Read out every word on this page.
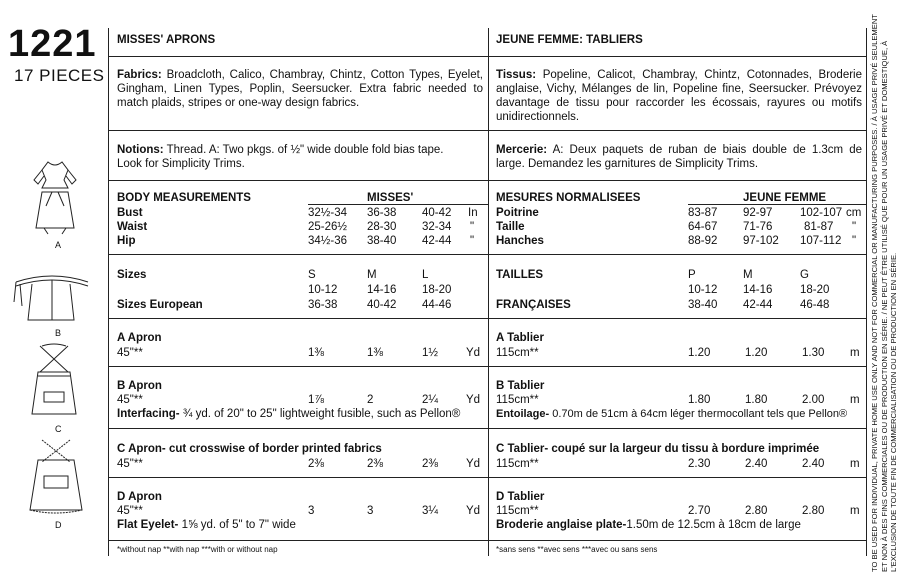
1221
17 PIECES
A
B
C
D
MISSES' APRONS
Fabrics: Broadcloth, Calico, Chambray, Chintz, Cotton Types, Eyelet, Gingham, Linen Types, Poplin, Seersucker. Extra fabric needed to match plaids, stripes or one-way design fabrics.
Notions: Thread. A: Two pkgs. of ½" wide double fold bias tape. Look for Simplicity Trims.
BODY MEASUREMENTS	MISSES'
Bust	32½-34 36-38 40-42 In
Waist	25-26½ 28-30 32-34 "
Hip	34½-36 38-40 42-44 "
Sizes	S	M	L
10-12	14-16 18-20
Sizes European	36-38	40-42 44-46
A Apron
45"**	1⅜	1⅜	1½ Yd
B Apron
45"**	1⅞	2	2¼ Yd
Interfacing- ¾ yd. of 20" to 25" lightweight fusible, such as Pellon®
C Apron- cut crosswise of border printed fabrics
45"**	2⅜	2⅜	2⅜ Yd
D Apron
45"**	3	3	3¼ Yd
Flat Eyelet- 1⅝ yd. of 5" to 7" wide
*without nap **with nap ***with or without nap
JEUNE FEMME: TABLIERS
Tissus: Popeline, Calicot, Chambray, Chintz, Cotonnades, Broderie anglaise, Vichy, Mélanges de lin, Popeline fine, Seersucker. Prévoyez davantage de tissu pour raccorder les écossais, rayures ou motifs unidirectionnels.
Mercerie: A: Deux paquets de ruban de biais double de 1.3cm de large. Demandez les garnitures de Simplicity Trims.
MESURES NORMALISEES	JEUNE FEMME
Poitrine	83-87 92-97 102-107 cm
Taille	64-67 71-76	81-87 "
Hanches	88-92 97-102 107-112 "
TAILLES	P	M	G
10-12 14-16 18-20
FRANÇAISES	38-40 42-44 46-48
A Tablier
115cm**	1.20	1.20	1.30 m
B Tablier
115cm**	1.80	1.80	2.00 m
Entoilage- 0.70m de 51cm à 64cm léger thermocollant tels que Pellon®
C Tablier- coupé sur la largeur du tissu à bordure imprimée
115cm**	2.30	2.40	2.40 m
D Tablier
115cm**	2.70	2.80	2.80 m
Broderie anglaise plate-1.50m de 12.5cm à 18cm de large
*sans sens **avec sens ***avec ou sans sens	TO BE USED FOR INDIVIDUAL, PRIVATE HOME USE ONLY AND NOT FOR COMMERCIAL OR MANUFACTURING PURPOSES. / À USAGE PRIVÉ SEULEMENT ET NON À DES FINS COMMERCIALES OU DE PRODUCTION EN SÉRIE. / NE PEUT ÊTRE UTILISÉ QUE POUR UN USAGE PRIVÉ ET DOMESTIQUE, À L'EXCLUSION DE TOUTE FIN DE COMMERCIALISATION OU DE PRODUCTION EN SÉRIE.
